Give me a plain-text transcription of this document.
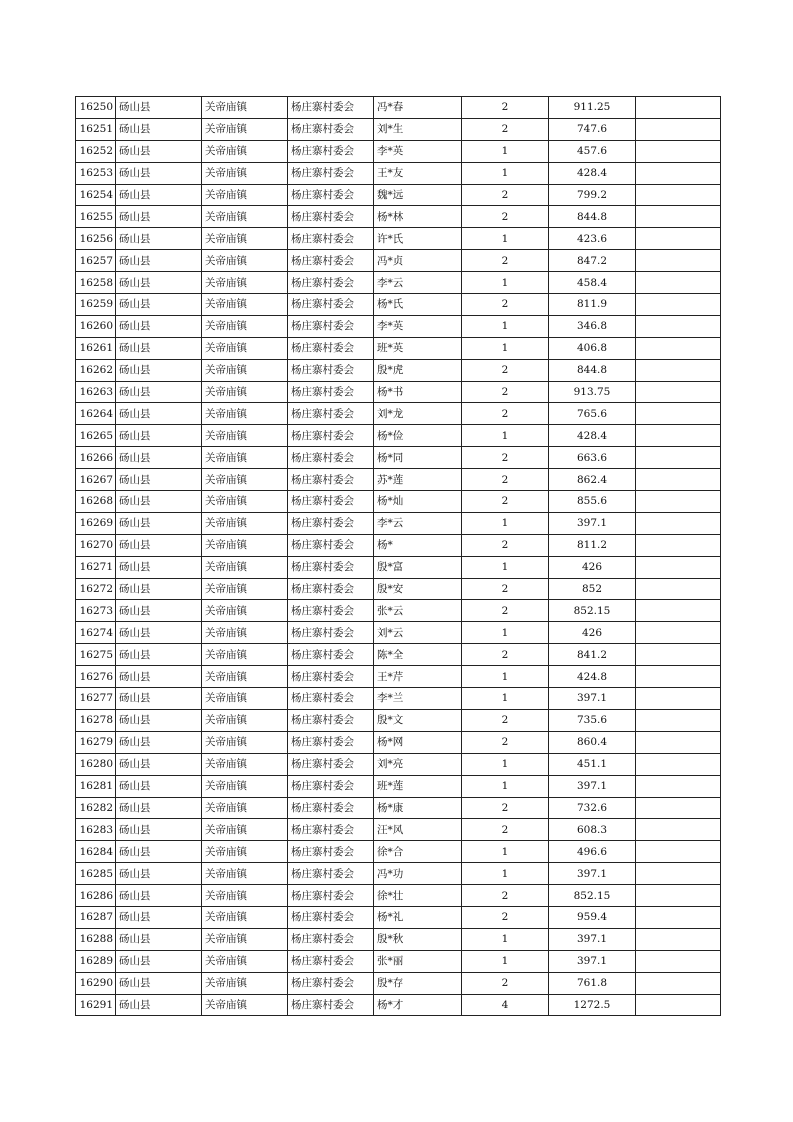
16250	砀山县	关帝庙镇	杨庄寨村委会	冯*春	2	911.25	
16251	砀山县	关帝庙镇	杨庄寨村委会	刘*生	2	747.6	
16252	砀山县	关帝庙镇	杨庄寨村委会	李*英	1	457.6	
16253	砀山县	关帝庙镇	杨庄寨村委会	王*友	1	428.4	
16254	砀山县	关帝庙镇	杨庄寨村委会	魏*远	2	799.2	
16255	砀山县	关帝庙镇	杨庄寨村委会	杨*林	2	844.8	
16256	砀山县	关帝庙镇	杨庄寨村委会	许*氏	1	423.6	
16257	砀山县	关帝庙镇	杨庄寨村委会	冯*贞	2	847.2	
16258	砀山县	关帝庙镇	杨庄寨村委会	李*云	1	458.4	
16259	砀山县	关帝庙镇	杨庄寨村委会	杨*氏	2	811.9	
16260	砀山县	关帝庙镇	杨庄寨村委会	李*英	1	346.8	
16261	砀山县	关帝庙镇	杨庄寨村委会	班*英	1	406.8	
16262	砀山县	关帝庙镇	杨庄寨村委会	殷*虎	2	844.8	
16263	砀山县	关帝庙镇	杨庄寨村委会	杨*书	2	913.75	
16264	砀山县	关帝庙镇	杨庄寨村委会	刘*龙	2	765.6	
16265	砀山县	关帝庙镇	杨庄寨村委会	杨*俭	1	428.4	
16266	砀山县	关帝庙镇	杨庄寨村委会	杨*同	2	663.6	
16267	砀山县	关帝庙镇	杨庄寨村委会	苏*莲	2	862.4	
16268	砀山县	关帝庙镇	杨庄寨村委会	杨*灿	2	855.6	
16269	砀山县	关帝庙镇	杨庄寨村委会	李*云	1	397.1	
16270	砀山县	关帝庙镇	杨庄寨村委会	杨*	2	811.2	
16271	砀山县	关帝庙镇	杨庄寨村委会	殷*富	1	426	
16272	砀山县	关帝庙镇	杨庄寨村委会	殷*安	2	852	
16273	砀山县	关帝庙镇	杨庄寨村委会	张*云	2	852.15	
16274	砀山县	关帝庙镇	杨庄寨村委会	刘*云	1	426	
16275	砀山县	关帝庙镇	杨庄寨村委会	陈*全	2	841.2	
16276	砀山县	关帝庙镇	杨庄寨村委会	王*芹	1	424.8	
16277	砀山县	关帝庙镇	杨庄寨村委会	李*兰	1	397.1	
16278	砀山县	关帝庙镇	杨庄寨村委会	殷*文	2	735.6	
16279	砀山县	关帝庙镇	杨庄寨村委会	杨*网	2	860.4	
16280	砀山县	关帝庙镇	杨庄寨村委会	刘*亮	1	451.1	
16281	砀山县	关帝庙镇	杨庄寨村委会	班*莲	1	397.1	
16282	砀山县	关帝庙镇	杨庄寨村委会	杨*康	2	732.6	
16283	砀山县	关帝庙镇	杨庄寨村委会	汪*风	2	608.3	
16284	砀山县	关帝庙镇	杨庄寨村委会	徐*合	1	496.6	
16285	砀山县	关帝庙镇	杨庄寨村委会	冯*功	1	397.1	
16286	砀山县	关帝庙镇	杨庄寨村委会	徐*壮	2	852.15	
16287	砀山县	关帝庙镇	杨庄寨村委会	杨*礼	2	959.4	
16288	砀山县	关帝庙镇	杨庄寨村委会	殷*秋	1	397.1	
16289	砀山县	关帝庙镇	杨庄寨村委会	张*丽	1	397.1	
16290	砀山县	关帝庙镇	杨庄寨村委会	殷*存	2	761.8	
16291	砀山县	关帝庙镇	杨庄寨村委会	杨*才	4	1272.5	
